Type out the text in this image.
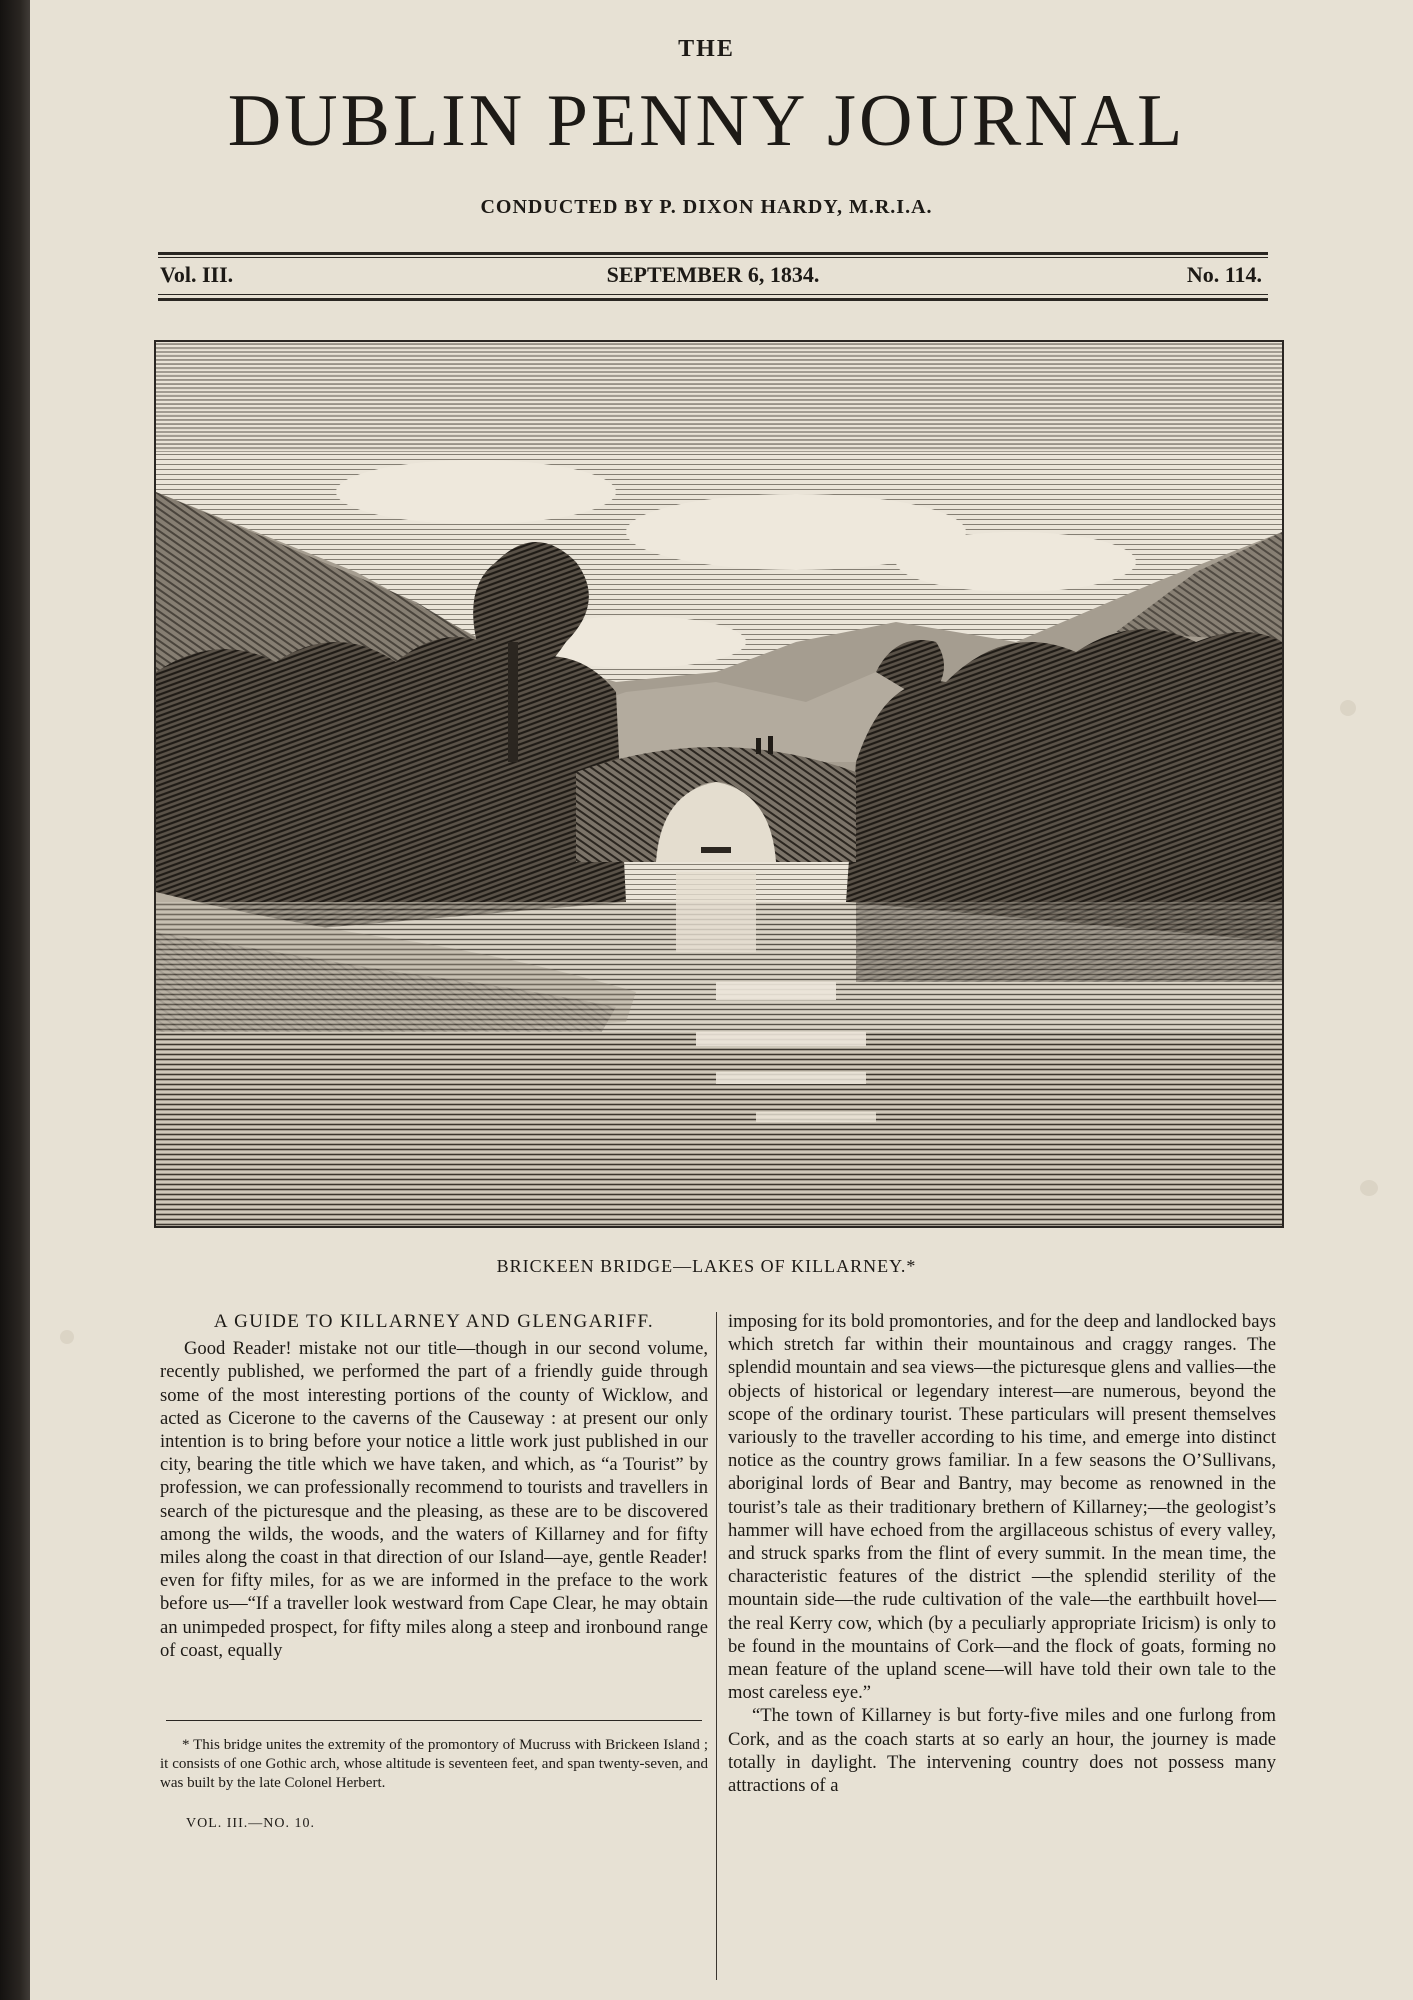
THE
DUBLIN PENNY JOURNAL
CONDUCTED BY P. DIXON HARDY, M.R.I.A.
Vol. III.	SEPTEMBER 6, 1834.	No. 114.
BRICKEEN BRIDGE—LAKES OF KILLARNEY.*
A GUIDE TO KILLARNEY AND GLENGARIFF.

Good Reader! mistake not our title—though in our second volume, recently published, we performed the part of a friendly guide through some of the most interesting portions of the county of Wicklow, and acted as Cicerone to the caverns of the Causeway : at present our only intention is to bring before your notice a little work just published in our city, bearing the title which we have taken, and which, as “a Tourist” by profession, we can professionally recommend to tourists and travellers in search of the picturesque and the pleasing, as these are to be discovered among the wilds, the woods, and the waters of Killarney and for fifty miles along the coast in that direction of our Island—aye, gentle Reader! even for fifty miles, for as we are informed in the preface to the work before us—“If a traveller look westward from Cape Clear, he may obtain an unimpeded prospect, for fifty miles along a steep and ironbound range of coast, equally

imposing for its bold promontories, and for the deep and landlocked bays which stretch far within their mountainous and craggy ranges. The splendid mountain and sea views—the picturesque glens and vallies—the objects of historical or legendary interest—are numerous, beyond the scope of the ordinary tourist. These particulars will present themselves variously to the traveller according to his time, and emerge into distinct notice as the country grows familiar. In a few seasons the O’Sullivans, aboriginal lords of Bear and Bantry, may become as renowned in the tourist’s tale as their traditionary brethern of Killarney;—the geologist’s hammer will have echoed from the argillaceous schistus of every valley, and struck sparks from the flint of every summit. In the mean time, the characteristic features of the district —the splendid sterility of the mountain side—the rude cultivation of the vale—the earthbuilt hovel—the real Kerry cow, which (by a peculiarly appropriate Iricism) is only to be found in the mountains of Cork—and the flock of goats, forming no mean feature of the upland scene—will have told their own tale to the most careless eye.”

“The town of Killarney is but forty-five miles and one furlong from Cork, and as the coach starts at so early an hour, the journey is made totally in daylight. The intervening country does not possess many attractions of a

* This bridge unites the extremity of the promontory of Mucruss with Brickeen Island ; it consists of one Gothic arch, whose altitude is seventeen feet, and span twenty-seven, and was built by the late Colonel Herbert.

VOL. III.—NO. 10.
